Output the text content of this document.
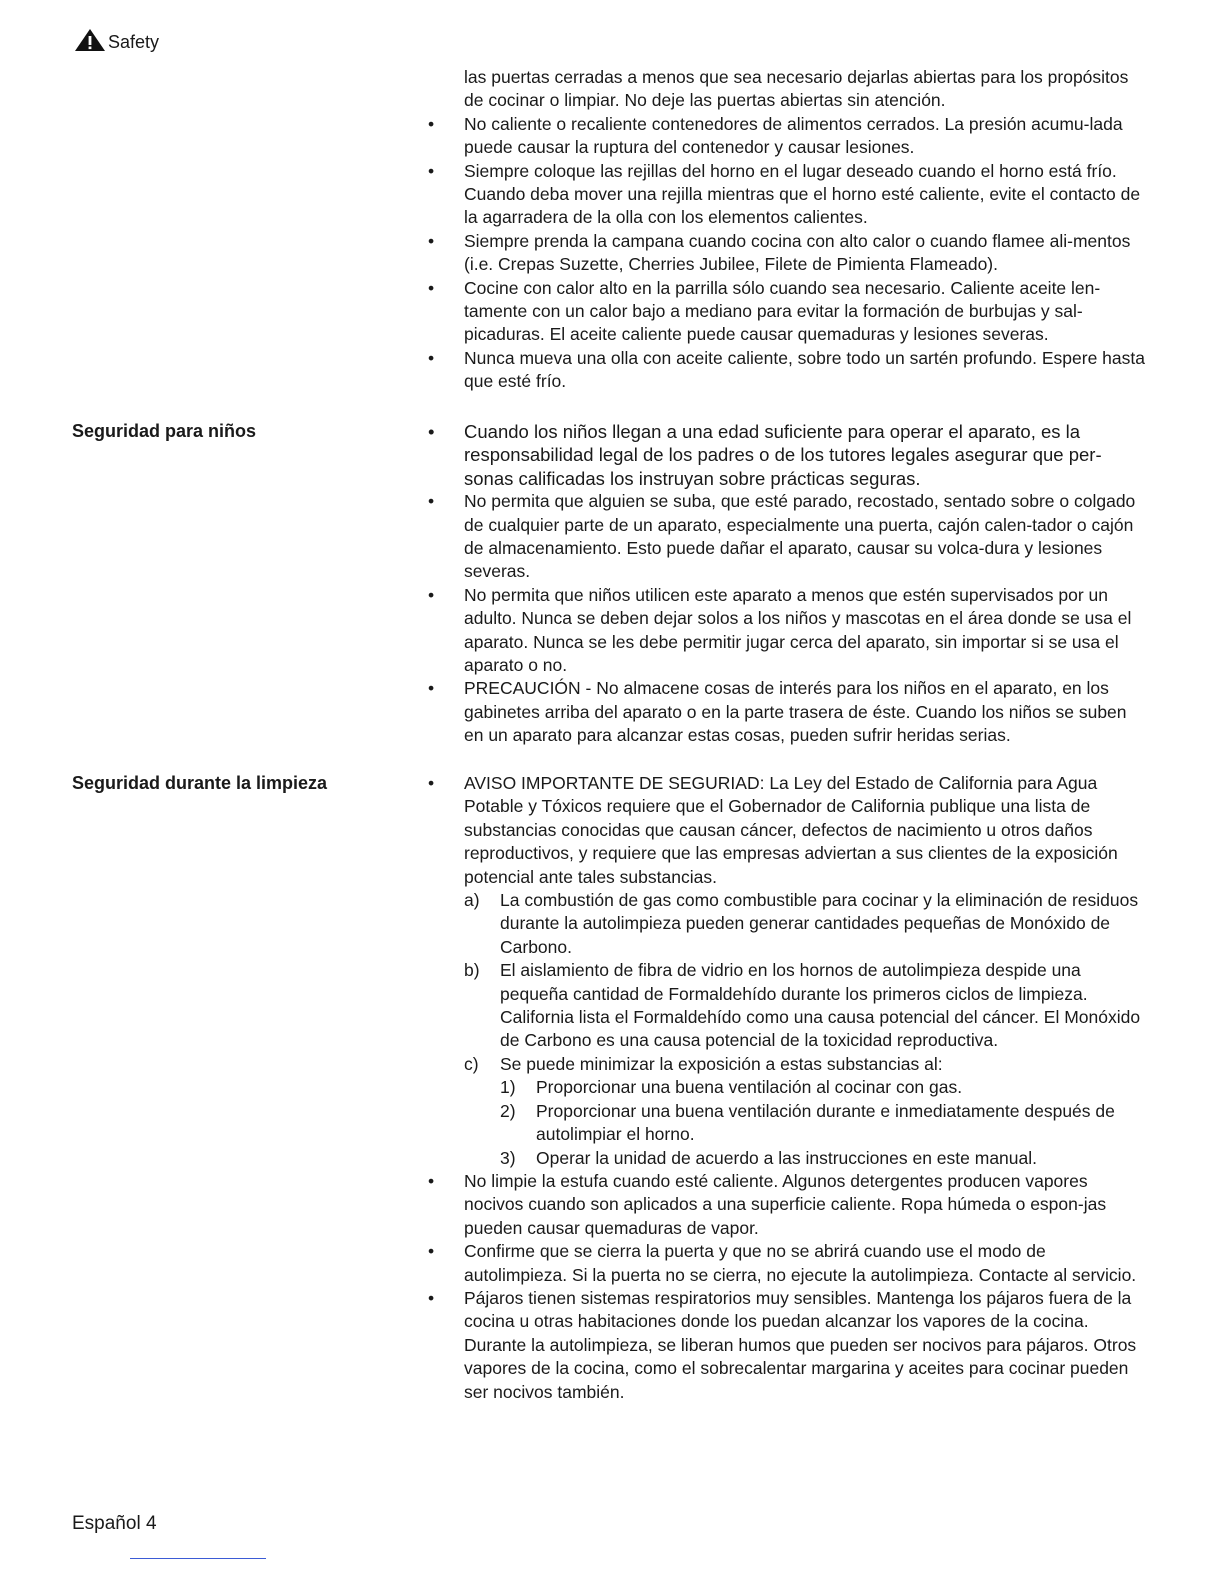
Safety
las puertas cerradas a menos que sea necesario dejarlas abiertas para los propósitos de cocinar o limpiar. No deje las puertas abiertas sin atención.
• No caliente o recaliente contenedores de alimentos cerrados. La presión acumu-lada puede causar la ruptura del contenedor y causar lesiones.
• Siempre coloque las rejillas del horno en el lugar deseado cuando el horno está frío. Cuando deba mover una rejilla mientras que el horno esté caliente, evite el contacto de la agarradera de la olla con los elementos calientes.
• Siempre prenda la campana cuando cocina con alto calor o cuando flamee ali-mentos (i.e. Crepas Suzette, Cherries Jubilee, Filete de Pimienta Flameado).
• Cocine con calor alto en la parrilla sólo cuando sea necesario. Caliente aceite len-tamente con un calor bajo a mediano para evitar la formación de burbujas y sal-picaduras. El aceite caliente puede causar quemaduras y lesiones severas.
• Nunca mueva una olla con aceite caliente, sobre todo un sartén profundo. Espere hasta que esté frío.
Seguridad para niños	• Cuando los niños llegan a una edad suficiente para operar el aparato, es la responsabilidad legal de los padres o de los tutores legales asegurar que per-sonas calificadas los instruyan sobre prácticas seguras.
• No permita que alguien se suba, que esté parado, recostado, sentado sobre o colgado de cualquier parte de un aparato, especialmente una puerta, cajón calen-tador o cajón de almacenamiento. Esto puede dañar el aparato, causar su volca-dura y lesiones severas.
• No permita que niños utilicen este aparato a menos que estén supervisados por un adulto. Nunca se deben dejar solos a los niños y mascotas en el área donde se usa el aparato. Nunca se les debe permitir jugar cerca del aparato, sin importar si se usa el aparato o no.
• PRECAUCIÓN - No almacene cosas de interés para los niños en el aparato, en los gabinetes arriba del aparato o en la parte trasera de éste. Cuando los niños se suben en un aparato para alcanzar estas cosas, pueden sufrir heridas serias.
Seguridad durante la limpieza	• AVISO IMPORTANTE DE SEGURIAD: La Ley del Estado de California para Agua Potable y Tóxicos requiere que el Gobernador de California publique una lista de substancias conocidas que causan cáncer, defectos de nacimiento u otros daños reproductivos, y requiere que las empresas adviertan a sus clientes de la exposición potencial ante tales substancias.
a) La combustión de gas como combustible para cocinar y la eliminación de residuos durante la autolimpieza pueden generar cantidades pequeñas de Monóxido de Carbono.
b) El aislamiento de fibra de vidrio en los hornos de autolimpieza despide una pequeña cantidad de Formaldehído durante los primeros ciclos de limpieza. California lista el Formaldehído como una causa potencial del cáncer. El Monóxido de Carbono es una causa potencial de la toxicidad reproductiva.
c) Se puede minimizar la exposición a estas substancias al:
1) Proporcionar una buena ventilación al cocinar con gas.
2) Proporcionar una buena ventilación durante e inmediatamente después de autolimpiar el horno.
3) Operar la unidad de acuerdo a las instrucciones en este manual.
• No limpie la estufa cuando esté caliente. Algunos detergentes producen vapores nocivos cuando son aplicados a una superficie caliente. Ropa húmeda o espon-jas pueden causar quemaduras de vapor.
• Confirme que se cierra la puerta y que no se abrirá cuando use el modo de autolimpieza. Si la puerta no se cierra, no ejecute la autolimpieza. Contacte al servicio.
• Pájaros tienen sistemas respiratorios muy sensibles. Mantenga los pájaros fuera de la cocina u otras habitaciones donde los puedan alcanzar los vapores de la cocina. Durante la autolimpieza, se liberan humos que pueden ser nocivos para pájaros. Otros vapores de la cocina, como el sobrecalentar margarina y aceites para cocinar pueden ser nocivos también.
Español 4
